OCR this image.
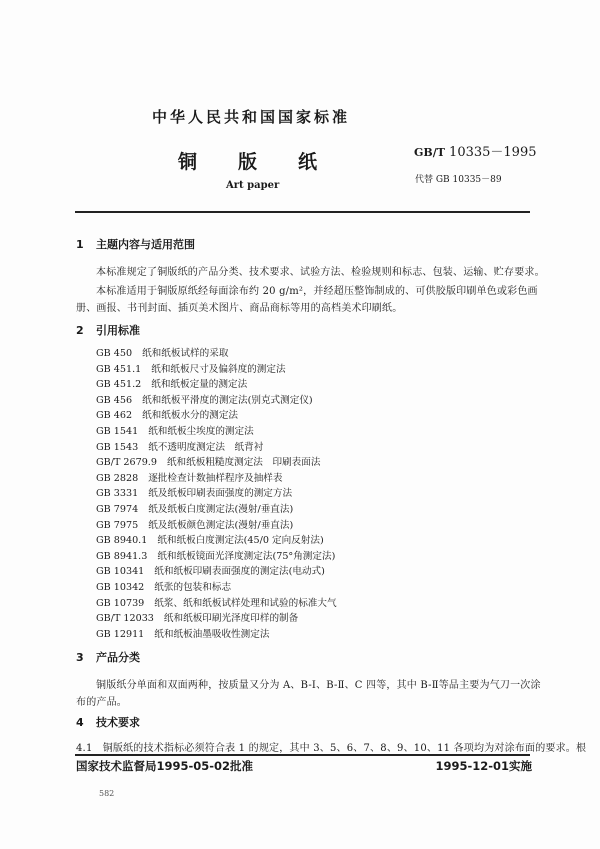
中华人民共和国国家标准
铜　版　纸
Art paper
GB/T 10335－1995
代替 GB 10335－89
1 主题内容与适用范围
本标准规定了铜版纸的产品分类、技术要求、试验方法、检验规则和标志、包装、运输、贮存要求。
本标准适用于铜版原纸经每面涂布约 20 g/m²，并经超压整饰制成的、可供胶版印刷单色或彩色画
册、画报、书刊封面、插页美术图片、商品商标等用的高档美术印刷纸。
2 引用标准
GB 450 纸和纸板试样的采取
GB 451.1 纸和纸板尺寸及偏斜度的测定法
GB 451.2 纸和纸板定量的测定法
GB 456 纸和纸板平滑度的测定法(别克式测定仪)
GB 462 纸和纸板水分的测定法
GB 1541 纸和纸板尘埃度的测定法
GB 1543 纸不透明度测定法　纸背衬
GB/T 2679.9 纸和纸板粗糙度测定法　印刷表面法
GB 2828 逐批检查计数抽样程序及抽样表
GB 3331 纸及纸板印刷表面强度的测定方法
GB 7974 纸及纸板白度测定法(漫射/垂直法)
GB 7975 纸及纸板颜色测定法(漫射/垂直法)
GB 8940.1 纸和纸板白度测定法(45/0 定向反射法)
GB 8941.3 纸和纸板镜面光泽度测定法(75°角测定法)
GB 10341 纸和纸板印刷表面强度的测定法(电动式)
GB 10342 纸张的包装和标志
GB 10739 纸浆、纸和纸板试样处理和试验的标准大气
GB/T 12033 纸和纸板印刷光泽度印样的制备
GB 12911 纸和纸板油墨吸收性测定法
3 产品分类
铜版纸分单面和双面两种，按质量又分为 A、B-Ⅰ、B-Ⅱ、C 四等，其中 B-Ⅱ等品主要为气刀一次涂
布的产品。
4 技术要求
4.1　铜版纸的技术指标必须符合表 1 的规定，其中 3、5、6、7、8、9、10、11 各项均为对涂布面的要求。根
国家技术监督局1995-05-02批准	1995-12-01实施
582
